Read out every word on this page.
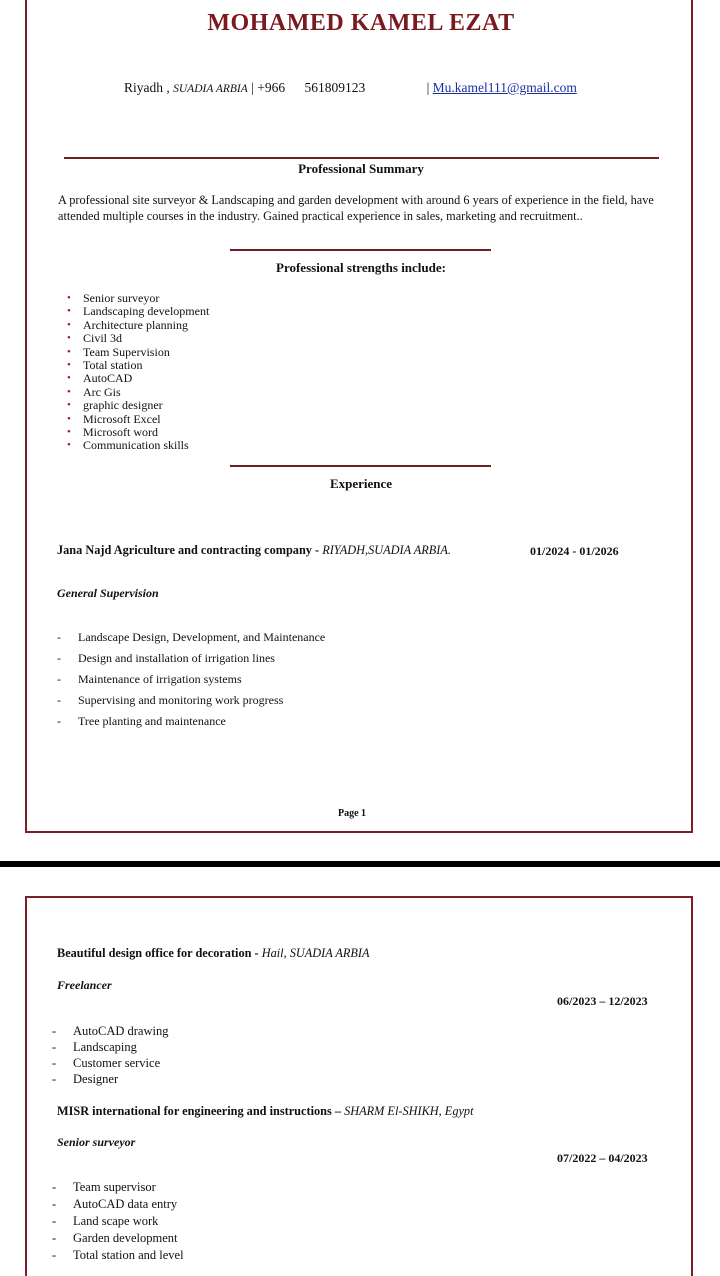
MOHAMED KAMEL EZAT
Riyadh , SUADIA ARBIA | +966 561809123	| Mu.kamel111@gmail.com
Professional Summary
A professional site surveyor & Landscaping and garden development with around 6 years of experience in the field, have attended multiple courses in the industry. Gained practical experience in sales, marketing and recruitment..
Professional strengths include:
• Senior surveyor
• Landscaping development
• Architecture planning
• Civil 3d
• Team Supervision
• Total station
• AutoCAD
• Arc Gis
• graphic designer
• Microsoft Excel
• Microsoft word
• Communication skills
Experience
Jana Najd Agriculture and contracting company - RIYADH,SUADIA ARBIA.	01/2024 - 01/2026
General Supervision
- Landscape Design, Development, and Maintenance
- Design and installation of irrigation lines
- Maintenance of irrigation systems
- Supervising and monitoring work progress
- Tree planting and maintenance
Page 1
Beautiful design office for decoration - Hail, SUADIA ARBIA
Freelancer
06/2023 – 12/2023
MISR international for engineering and instructions – SHARM El-SHIKH, Egypt
Senior surveyor
07/2022 – 04/2023
- AutoCAD drawing
- Landscaping
- Customer service
- Designer
- Team supervisor
- AutoCAD data entry
- Land scape work
- Garden development
- Total station and level
